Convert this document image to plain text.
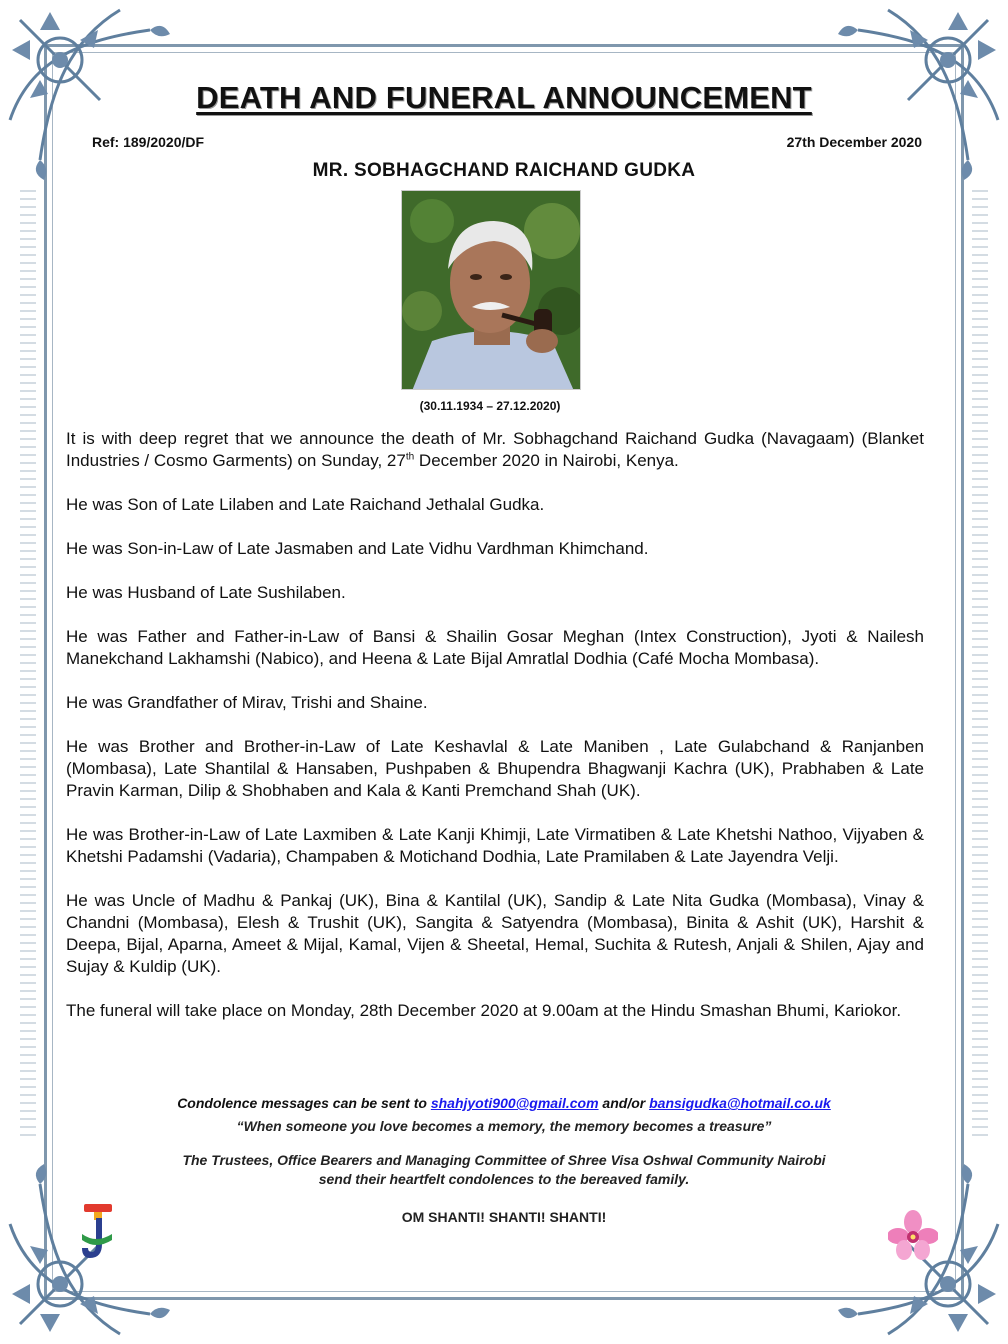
DEATH AND FUNERAL ANNOUNCEMENT
Ref: 189/2020/DF	27th December 2020
MR. SOBHAGCHAND RAICHAND GUDKA
(30.11.1934 – 27.12.2020)

It is with deep regret that we announce the death of Mr. Sobhagchand Raichand Gudka (Navagaam) (Blanket Industries / Cosmo Garments) on Sunday, 27th December 2020 in Nairobi, Kenya.

He was Son of Late Lilaben and Late Raichand Jethalal Gudka.

He was Son-in-Law of Late Jasmaben and Late Vidhu Vardhman Khimchand.

He was Husband of Late Sushilaben.

He was Father and Father-in-Law of Bansi & Shailin Gosar Meghan (Intex Construction), Jyoti & Nailesh Manekchand Lakhamshi (Nabico), and Heena & Late Bijal Amratlal Dodhia (Café Mocha Mombasa).

He was Grandfather of Mirav, Trishi and Shaine.

He was Brother and Brother-in-Law of Late Keshavlal & Late Maniben , Late Gulabchand & Ranjanben (Mombasa), Late Shantilal & Hansaben, Pushpaben & Bhupendra Bhagwanji Kachra (UK), Prabhaben & Late Pravin Karman, Dilip & Shobhaben and Kala & Kanti Premchand Shah (UK).

He was Brother-in-Law of Late Laxmiben & Late Kanji Khimji, Late Virmatiben & Late Khetshi Nathoo, Vijyaben & Khetshi Padamshi (Vadaria), Champaben & Motichand Dodhia, Late Pramilaben & Late Jayendra Velji.

He was Uncle of Madhu & Pankaj (UK), Bina & Kantilal (UK), Sandip & Late Nita Gudka (Mombasa), Vinay & Chandni (Mombasa), Elesh & Trushit (UK), Sangita & Satyendra (Mombasa), Binita & Ashit (UK), Harshit & Deepa, Bijal, Aparna, Ameet & Mijal, Kamal, Vijen & Sheetal, Hemal, Suchita & Rutesh, Anjali & Shilen, Ajay and Sujay & Kuldip (UK).

The funeral will take place on Monday, 28th December 2020 at 9.00am at the Hindu Smashan Bhumi, Kariokor.

Condolence messages can be sent to shahjyoti900@gmail.com and/or bansigudka@hotmail.co.uk
“When someone you love becomes a memory, the memory becomes a treasure”
The Trustees, Office Bearers and Managing Committee of Shree Visa Oshwal Community Nairobi
send their heartfelt condolences to the bereaved family.
OM SHANTI! SHANTI! SHANTI!
